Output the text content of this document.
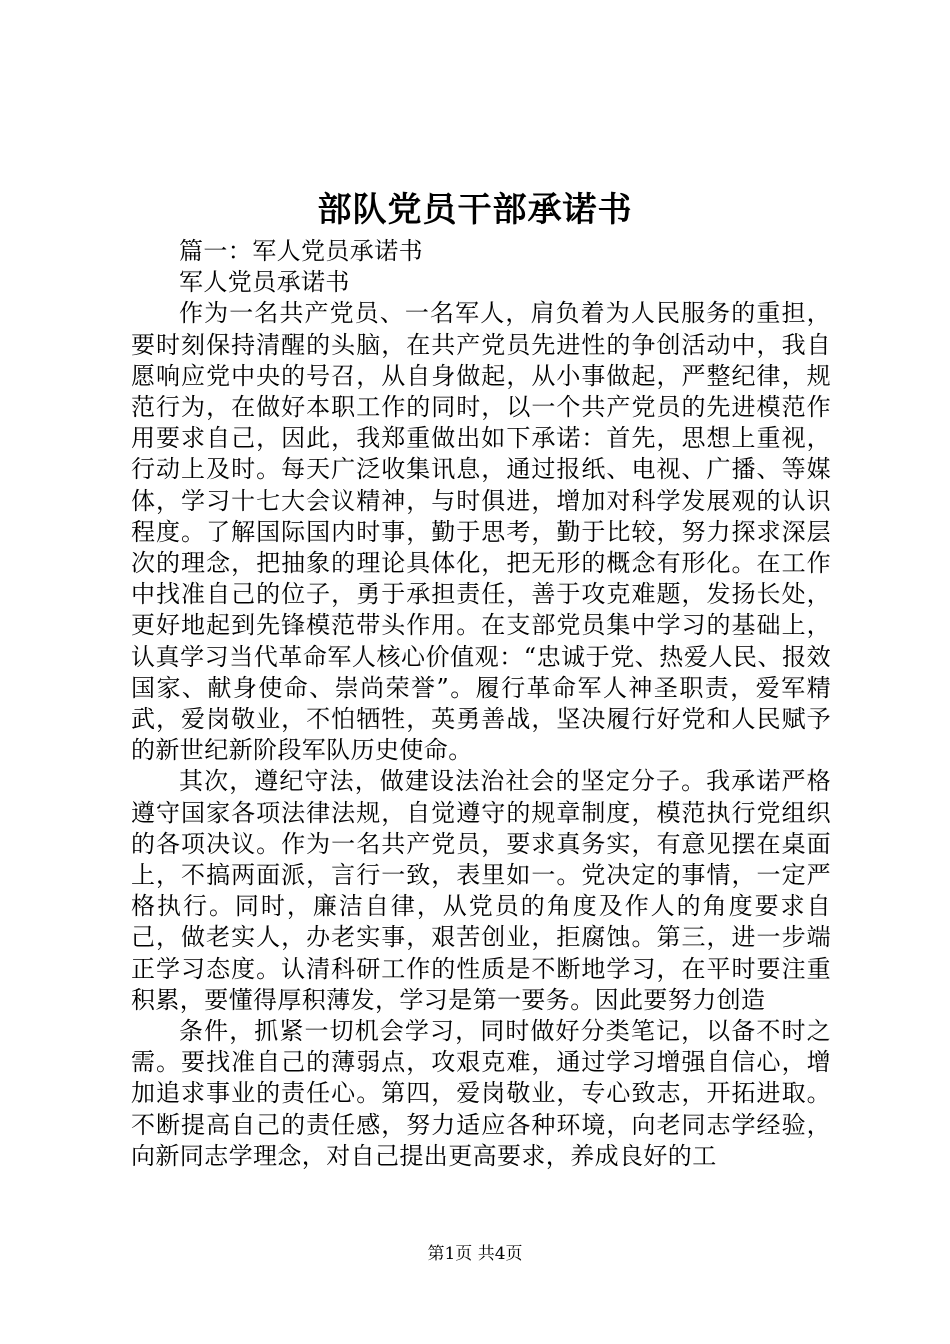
部队党员干部承诺书

篇一：军人党员承诺书

军人党员承诺书

作为一名共产党员、一名军人，肩负着为人民服务的重担，要时刻保持清醒的头脑，在共产党员先进性的争创活动中，我自愿响应党中央的号召，从自身做起，从小事做起，严整纪律，规范行为，在做好本职工作的同时，以一个共产党员的先进模范作用要求自己，因此，我郑重做出如下承诺：首先，思想上重视，行动上及时。每天广泛收集讯息，通过报纸、电视、广播、等媒体，学习十七大会议精神，与时俱进，增加对科学发展观的认识程度。了解国际国内时事，勤于思考，勤于比较，努力探求深层次的理念，把抽象的理论具体化，把无形的概念有形化。在工作中找准自己的位子，勇于承担责任，善于攻克难题，发扬长处，更好地起到先锋模范带头作用。在支部党员集中学习的基础上，认真学习当代革命军人核心价值观：“忠诚于党、热爱人民、报效国家、献身使命、崇尚荣誉”。履行革命军人神圣职责，爱军精武，爱岗敬业，不怕牺牲，英勇善战，坚决履行好党和人民赋予的新世纪新阶段军队历史使命。

其次，遵纪守法，做建设法治社会的坚定分子。我承诺严格遵守国家各项法律法规，自觉遵守的规章制度，模范执行党组织的各项决议。作为一名共产党员，要求真务实，有意见摆在桌面上，不搞两面派，言行一致，表里如一。党决定的事情，一定严格执行。同时，廉洁自律，从党员的角度及作人的角度要求自己，做老实人，办老实事，艰苦创业，拒腐蚀。第三，进一步端正学习态度。认清科研工作的性质是不断地学习，在平时要注重积累，要懂得厚积薄发，学习是第一要务。因此要努力创造

条件，抓紧一切机会学习，同时做好分类笔记，以备不时之需。要找准自己的薄弱点，攻艰克难，通过学习增强自信心，增加追求事业的责任心。第四，爱岗敬业，专心致志，开拓进取。不断提高自己的责任感，努力适应各种环境，向老同志学经验，向新同志学理念，对自己提出更高要求，养成良好的工

第1页 共4页
